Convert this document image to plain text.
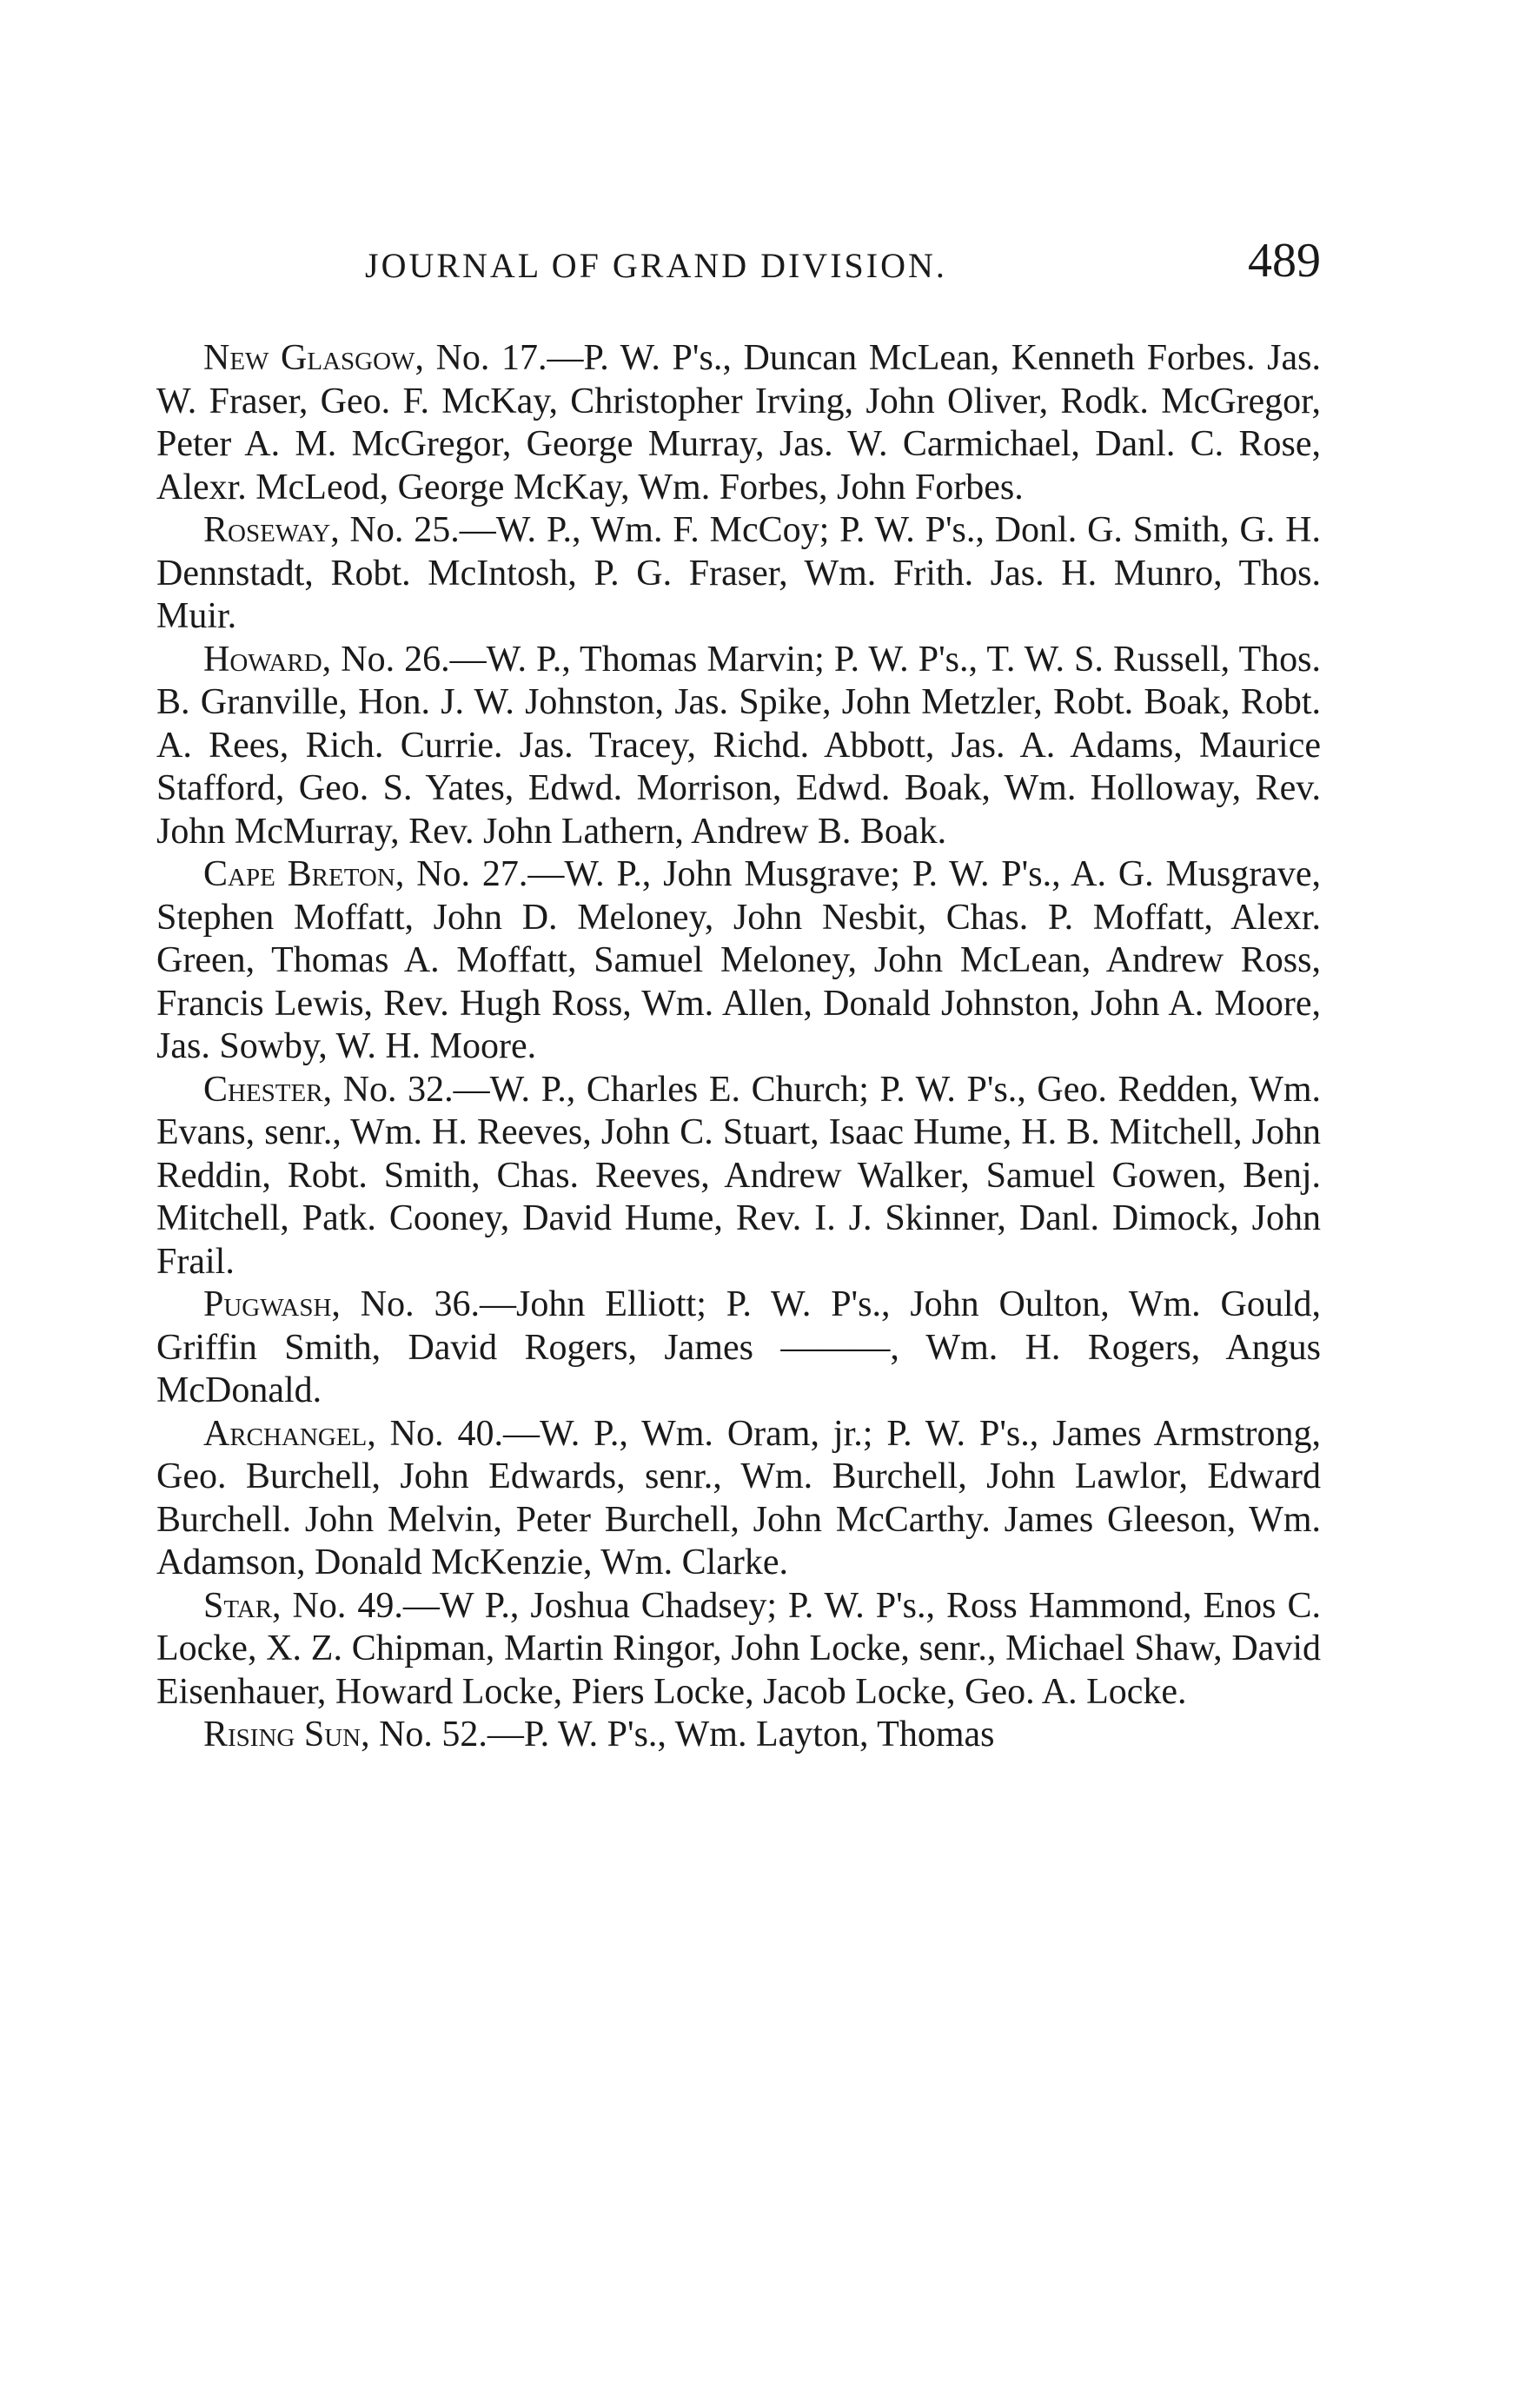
JOURNAL OF GRAND DIVISION.	489

New Glasgow, No. 17.—P. W. P's., Duncan McLean, Kenneth Forbes. Jas. W. Fraser, Geo. F. McKay, Christopher Irving, John Oliver, Rodk. McGregor, Peter A. M. McGregor, George Murray, Jas. W. Carmichael, Danl. C. Rose, Alexr. McLeod, George McKay, Wm. Forbes, John Forbes.

Roseway, No. 25.—W. P., Wm. F. McCoy; P. W. P's., Donl. G. Smith, G. H. Dennstadt, Robt. McIntosh, P. G. Fraser, Wm. Frith. Jas. H. Munro, Thos. Muir.

Howard, No. 26.—W. P., Thomas Marvin; P. W. P's., T. W. S. Russell, Thos. B. Granville, Hon. J. W. Johnston, Jas. Spike, John Metzler, Robt. Boak, Robt. A. Rees, Rich. Currie. Jas. Tracey, Richd. Abbott, Jas. A. Adams, Maurice Stafford, Geo. S. Yates, Edwd. Morrison, Edwd. Boak, Wm. Holloway, Rev. John McMurray, Rev. John Lathern, Andrew B. Boak.

Cape Breton, No. 27.—W. P., John Musgrave; P. W. P's., A. G. Musgrave, Stephen Moffatt, John D. Meloney, John Nesbit, Chas. P. Moffatt, Alexr. Green, Thomas A. Moffatt, Samuel Meloney, John McLean, Andrew Ross, Francis Lewis, Rev. Hugh Ross, Wm. Allen, Donald Johnston, John A. Moore, Jas. Sowby, W. H. Moore.

Chester, No. 32.—W. P., Charles E. Church; P. W. P's., Geo. Redden, Wm. Evans, senr., Wm. H. Reeves, John C. Stuart, Isaac Hume, H. B. Mitchell, John Reddin, Robt. Smith, Chas. Reeves, Andrew Walker, Samuel Gowen, Benj. Mitchell, Patk. Cooney, David Hume, Rev. I. J. Skinner, Danl. Dimock, John Frail.

Pugwash, No. 36.—John Elliott; P. W. P's., John Oulton, Wm. Gould, Griffin Smith, David Rogers, James ———, Wm. H. Rogers, Angus McDonald.

Archangel, No. 40.—W. P., Wm. Oram, jr.; P. W. P's., James Armstrong, Geo. Burchell, John Edwards, senr., Wm. Burchell, John Lawlor, Edward Burchell. John Melvin, Peter Burchell, John McCarthy. James Gleeson, Wm. Adamson, Donald McKenzie, Wm. Clarke.

Star, No. 49.—W P., Joshua Chadsey; P. W. P's., Ross Hammond, Enos C. Locke, X. Z. Chipman, Martin Ringor, John Locke, senr., Michael Shaw, David Eisenhauer, Howard Locke, Piers Locke, Jacob Locke, Geo. A. Locke.

Rising Sun, No. 52.—P. W. P's., Wm. Layton, Thomas
